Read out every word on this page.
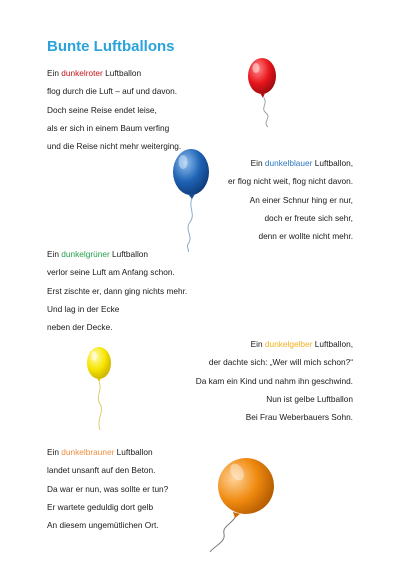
Bunte Luftballons
Ein dunkelroter Luftballon
flog durch die Luft – auf und davon.
Doch seine Reise endet leise,
als er sich in einem Baum verfing
und die Reise nicht mehr weiterging.
Ein dunkelblauer Luftballon,
er flog nicht weit, flog nicht davon.
An einer Schnur hing er nur,
doch er freute sich sehr,
denn er wollte nicht mehr.
Ein dunkelgrüner Luftballon
verlor seine Luft am Anfang schon.
Erst zischte er, dann ging nichts mehr.
Und lag in der Ecke
neben der Decke.
Ein dunkelgelber Luftballon,
der dachte sich: „Wer will mich schon?“
Da kam ein Kind und nahm ihn geschwind.
Nun ist gelbe Luftballon
Bei Frau Weberbauers Sohn.
Ein dunkelbrauner Luftballon
landet unsanft auf den Beton.
Da war er nun, was sollte er tun?
Er wartete geduldig dort gelb
An diesem ungemütlichen Ort.
